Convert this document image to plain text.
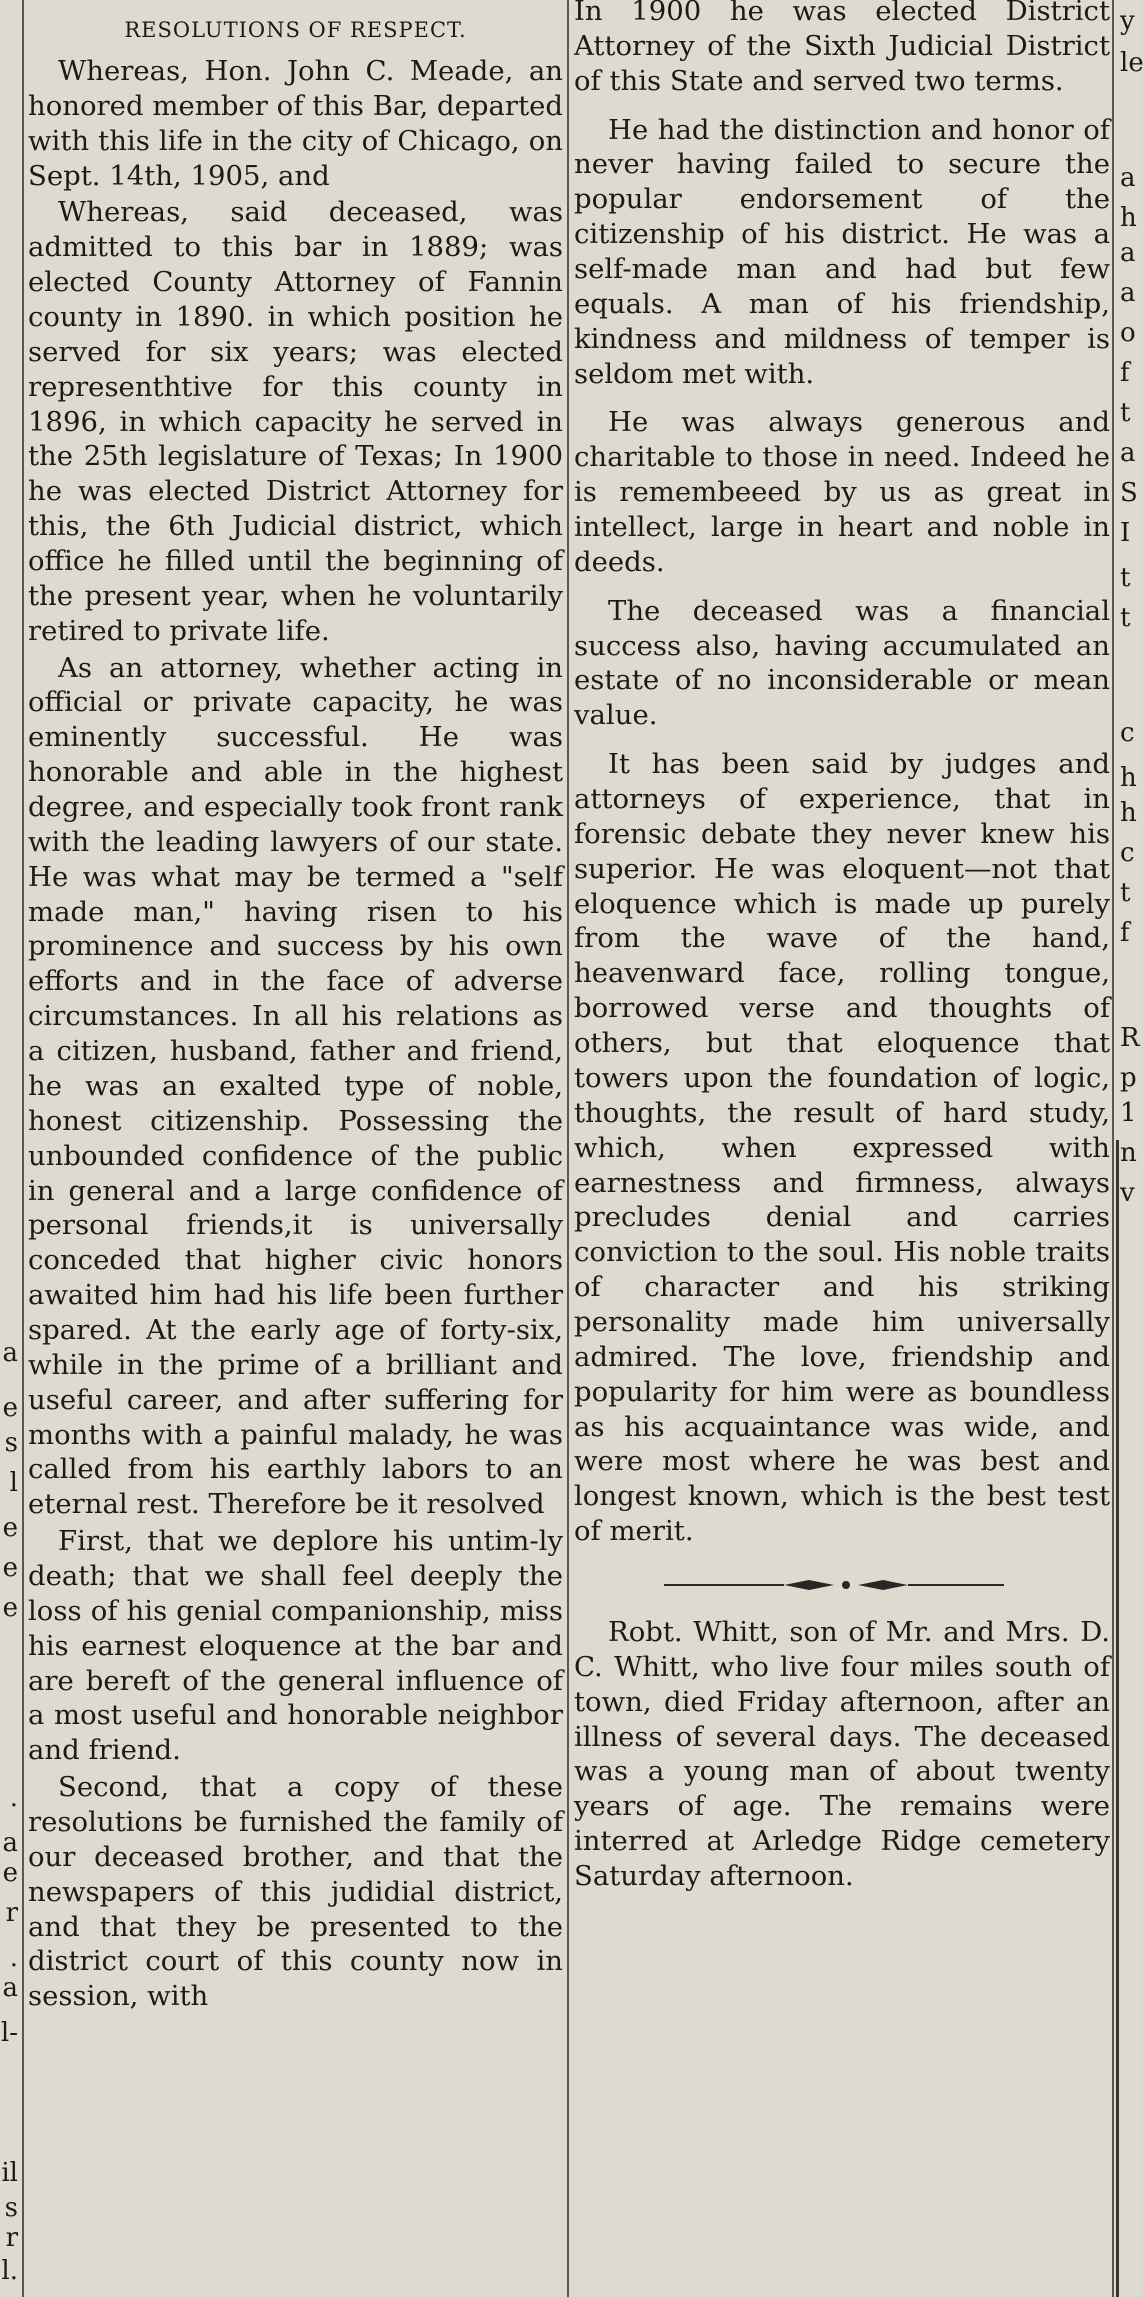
a
e
s
l
e
e
e
.
a
e
r
.
a
l-
il
s
r
l.
RESOLUTIONS OF RESPECT.

Whereas, Hon. John C. Meade, an honored member of this Bar, departed with this life in the city of Chicago, on Sept. 14th, 1905, and

Whereas, said deceased, was admitted to this bar in 1889; was elected County Attorney of Fannin county in 1890. in which position he served for six years; was elected representhtive for this county in 1896, in which capacity he served in the 25th legislature of Texas; In 1900 he was elected District Attorney for this, the 6th Judicial district, which office he filled until the beginning of the present year, when he voluntarily retired to private life.

As an attorney, whether acting in official or private capacity, he was eminently successful. He was honorable and able in the highest degree, and especially took front rank with the leading lawyers of our state. He was what may be termed a "self made man," having risen to his prominence and success by his own efforts and in the face of adverse circumstances. In all his relations as a citizen, husband, father and friend, he was an exalted type of noble, honest citizenship. Possessing the unbounded confidence of the public in general and a large confidence of personal friends,it is universally conceded that higher civic honors awaited him had his life been further spared. At the early age of forty-six, while in the prime of a brilliant and useful career, and after suffering for months with a painful malady, he was called from his earthly labors to an eternal rest. Therefore be it resolved

First, that we deplore his untim-ly death; that we shall feel deeply the loss of his genial companionship, miss his earnest eloquence at the bar and are bereft of the general influence of a most useful and honorable neighbor and friend.

Second, that a copy of these resolutions be furnished the family of our deceased brother, and that the newspapers of this judidial district, and that they be presented to the district court of this county now in session, with

In 1900 he was elected District Attorney of the Sixth Judicial District of this State and served two terms.

He had the distinction and honor of never having failed to secure the popular endorsement of the citizenship of his district. He was a self-made man and had but few equals. A man of his friendship, kindness and mildness of temper is seldom met with.

He was always generous and charitable to those in need. Indeed he is remembeeed by us as great in intellect, large in heart and noble in deeds.

The deceased was a financial success also, having accumulated an estate of no inconsiderable or mean value.

It has been said by judges and attorneys of experience, that in forensic debate they never knew his superior. He was eloquent—not that eloquence which is made up purely from the wave of the hand, heavenward face, rolling tongue, borrowed verse and thoughts of others, but that eloquence that towers upon the foundation of logic, thoughts, the result of hard study, which, when expressed with earnestness and firmness, always precludes denial and carries conviction to the soul. His noble traits of character and his striking personality made him universally admired. The love, friendship and popularity for him were as boundless as his acquaintance was wide, and were most where he was best and longest known, which is the best test of merit.

Robt. Whitt, son of Mr. and Mrs. D. C. Whitt, who live four miles south of town, died Friday afternoon, after an illness of several days. The deceased was a young man of about twenty years of age. The remains were interred at Arledge Ridge cemetery Saturday afternoon.

y
le
a
h
a
a
o
f
t
a
S
I
t
t
c
h
h
c
t
f
R
p
1
n
v
